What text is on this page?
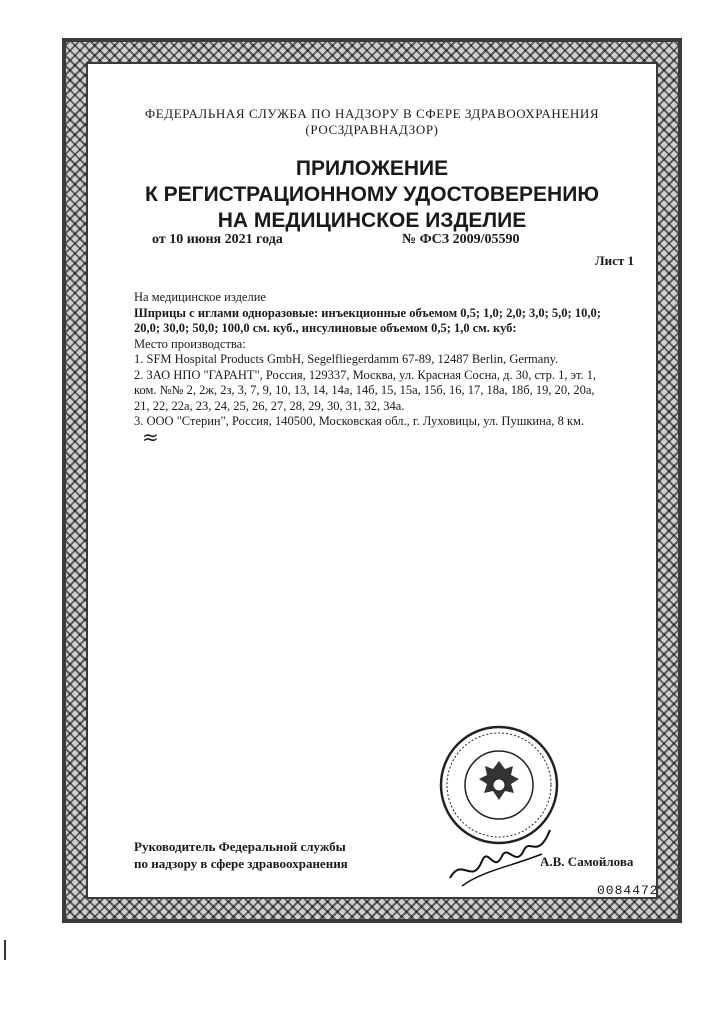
ФЕДЕРАЛЬНАЯ СЛУЖБА ПО НАДЗОРУ В СФЕРЕ ЗДРАВООХРАНЕНИЯ
(РОСЗДРАВНАДЗОР)
ПРИЛОЖЕНИЕ
К РЕГИСТРАЦИОННОМУ УДОСТОВЕРЕНИЮ
НА МЕДИЦИНСКОЕ ИЗДЕЛИЕ
от 10 июня 2021 года	№ ФСЗ 2009/05590
Лист 1

На медицинское изделие

Шприцы с иглами одноразовые: инъекционные объемом 0,5; 1,0; 2,0; 3,0; 5,0; 10,0;

20,0; 30,0; 50,0; 100,0 см. куб., инсулиновые объемом 0,5; 1,0 см. куб:

Место производства:

1. SFM Hospital Products GmbH, Segelfliegerdamm 67-89, 12487 Berlin, Germany.

2. ЗАО НПО "ГАРАНТ", Россия, 129337, Москва, ул. Красная Сосна, д. 30, стр. 1, эт. 1,

ком. №№ 2, 2ж, 2з, 3, 7, 9, 10, 13, 14, 14а, 14б, 15, 15а, 15б, 16, 17, 18а, 18б, 19, 20, 20а,

21, 22, 22а, 23, 24, 25, 26, 27, 28, 29, 30, 31, 32, 34а.

3. ООО "Стерин", Россия, 140500, Московская обл., г. Луховицы, ул. Пушкина, 8 км.

≈

Руководитель Федеральной службы
по надзору в сфере здравоохранения	А.В. Самойлова
0084472
